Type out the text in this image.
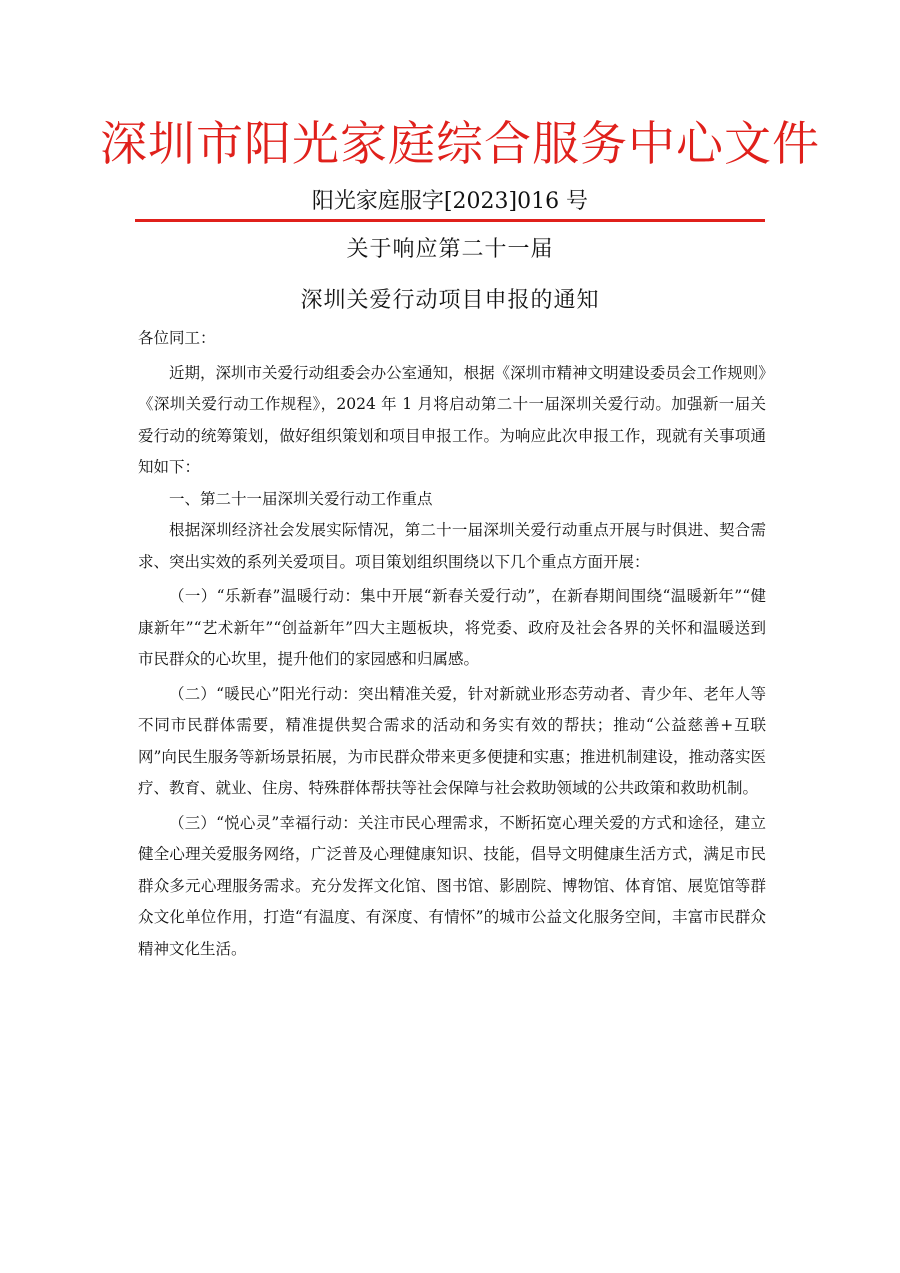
深圳市阳光家庭综合服务中心文件
阳光家庭服字[2023]016 号
关于响应第二十一届
深圳关爱行动项目申报的通知

各位同工：

近期，深圳市关爱行动组委会办公室通知，根据《深圳市精神文明建设委员会工作规则》《深圳关爱行动工作规程》，2024 年 1 月将启动第二十一届深圳关爱行动。加强新一届关爱行动的统筹策划，做好组织策划和项目申报工作。为响应此次申报工作，现就有关事项通知如下：

一、第二十一届深圳关爱行动工作重点

根据深圳经济社会发展实际情况，第二十一届深圳关爱行动重点开展与时俱进、契合需求、突出实效的系列关爱项目。项目策划组织围绕以下几个重点方面开展：

（一）“乐新春”温暖行动：集中开展“新春关爱行动”，在新春期间围绕“温暖新年”“健康新年”“艺术新年”“创益新年”四大主题板块，将党委、政府及社会各界的关怀和温暖送到市民群众的心坎里，提升他们的家园感和归属感。

（二）“暖民心”阳光行动：突出精准关爱，针对新就业形态劳动者、青少年、老年人等不同市民群体需要，精准提供契合需求的活动和务实有效的帮扶；推动“公益慈善+互联网”向民生服务等新场景拓展，为市民群众带来更多便捷和实惠；推进机制建设，推动落实医疗、教育、就业、住房、特殊群体帮扶等社会保障与社会救助领域的公共政策和救助机制。

（三）“悦心灵”幸福行动：关注市民心理需求，不断拓宽心理关爱的方式和途径，建立健全心理关爱服务网络，广泛普及心理健康知识、技能，倡导文明健康生活方式，满足市民群众多元心理服务需求。充分发挥文化馆、图书馆、影剧院、博物馆、体育馆、展览馆等群众文化单位作用，打造“有温度、有深度、有情怀”的城市公益文化服务空间，丰富市民群众精神文化生活。
